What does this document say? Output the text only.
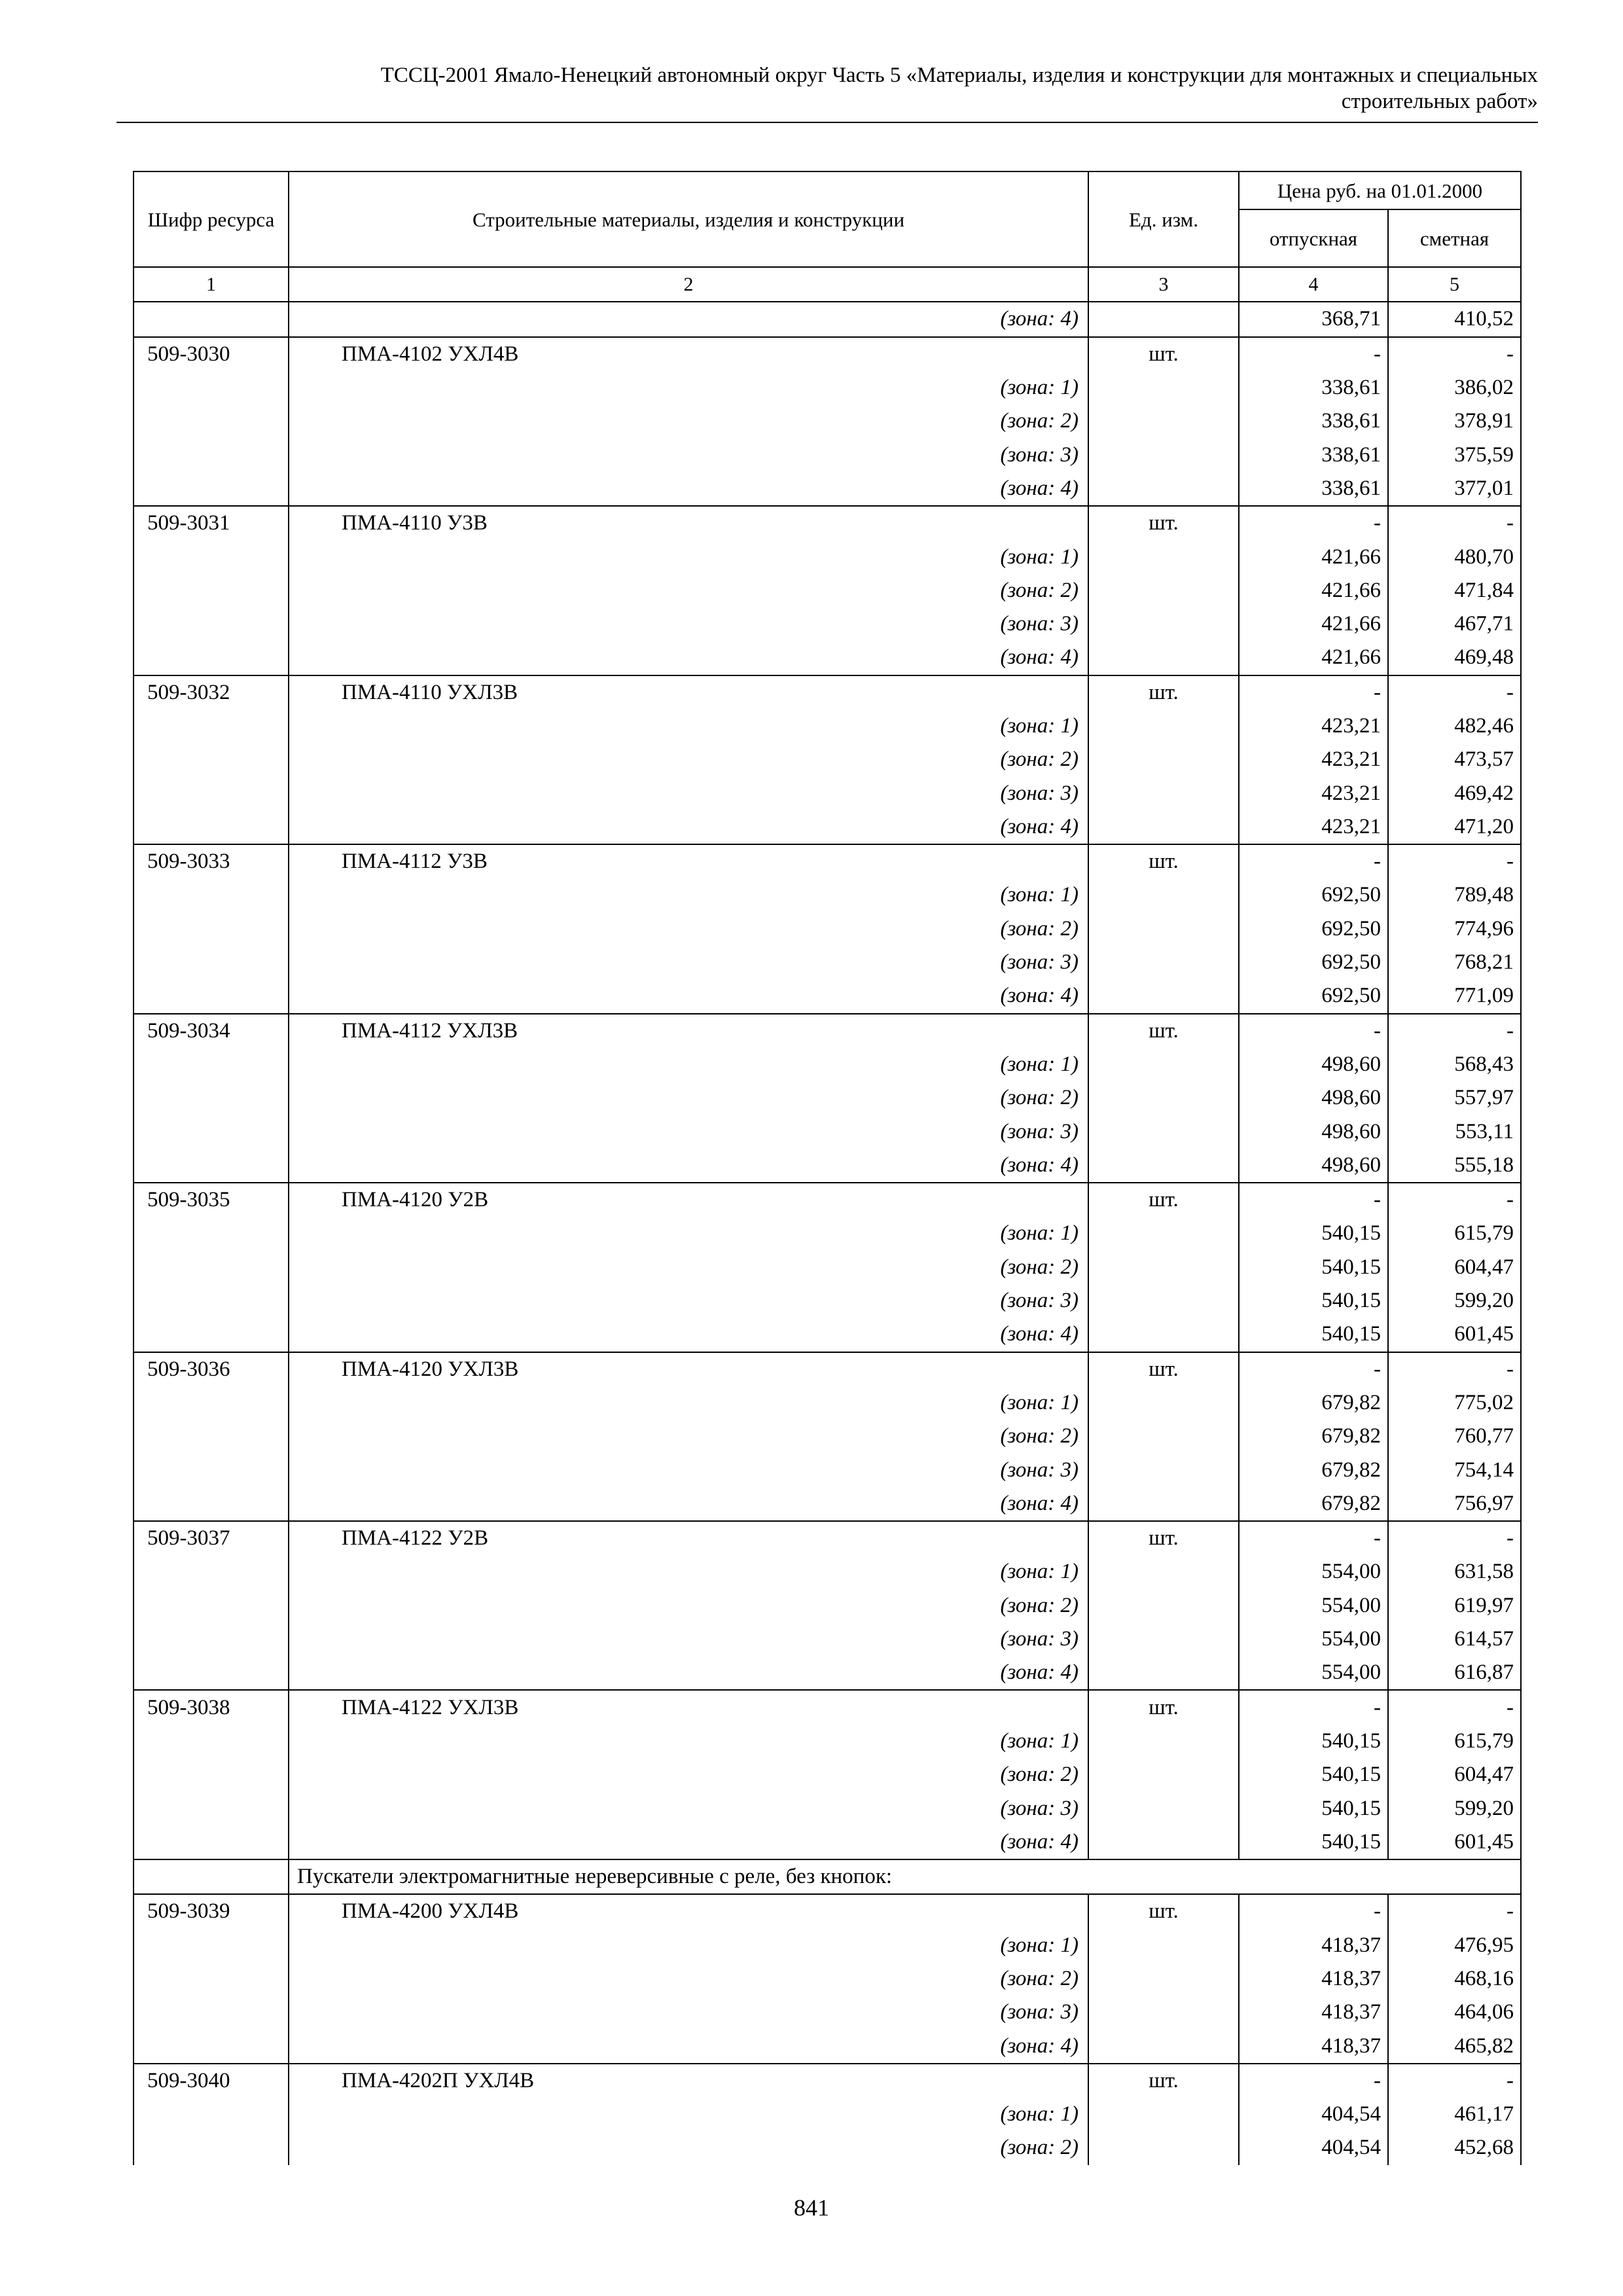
ТССЦ-2001 Ямало-Ненецкий автономный округ Часть 5 «Материалы, изделия и конструкции для монтажных и специальных
строительных работ»
Шифр ресурса	Строительные материалы, изделия и конструкции	Ед. изм.	Цена руб. на 01.01.2000	
			отпускная	сметная
1	2	3	4	5
	(зона: 4)		368,71	410,52
509-3030	ПМА-4102 УХЛ4В	шт.	-	-
	(зона: 1)		338,61	386,02
	(зона: 2)		338,61	378,91
	(зона: 3)		338,61	375,59
	(зона: 4)		338,61	377,01
509-3031	ПМА-4110 У3В	шт.	-	-
	(зона: 1)		421,66	480,70
	(зона: 2)		421,66	471,84
	(зона: 3)		421,66	467,71
	(зона: 4)		421,66	469,48
509-3032	ПМА-4110 УХЛ3В	шт.	-	-
	(зона: 1)		423,21	482,46
	(зона: 2)		423,21	473,57
	(зона: 3)		423,21	469,42
	(зона: 4)		423,21	471,20
509-3033	ПМА-4112 У3В	шт.	-	-
	(зона: 1)		692,50	789,48
	(зона: 2)		692,50	774,96
	(зона: 3)		692,50	768,21
	(зона: 4)		692,50	771,09
509-3034	ПМА-4112 УХЛ3В	шт.	-	-
	(зона: 1)		498,60	568,43
	(зона: 2)		498,60	557,97
	(зона: 3)		498,60	553,11
	(зона: 4)		498,60	555,18
509-3035	ПМА-4120 У2В	шт.	-	-
	(зона: 1)		540,15	615,79
	(зона: 2)		540,15	604,47
	(зона: 3)		540,15	599,20
	(зона: 4)		540,15	601,45
509-3036	ПМА-4120 УХЛ3В	шт.	-	-
	(зона: 1)		679,82	775,02
	(зона: 2)		679,82	760,77
	(зона: 3)		679,82	754,14
	(зона: 4)		679,82	756,97
509-3037	ПМА-4122 У2В	шт.	-	-
	(зона: 1)		554,00	631,58
	(зона: 2)		554,00	619,97
	(зона: 3)		554,00	614,57
	(зона: 4)		554,00	616,87
509-3038	ПМА-4122 УХЛ3В	шт.	-	-
	(зона: 1)		540,15	615,79
	(зона: 2)		540,15	604,47
	(зона: 3)		540,15	599,20
	(зона: 4)		540,15	601,45
	Пускатели электромагнитные нереверсивные с реле, без кнопок:			
509-3039	ПМА-4200 УХЛ4В	шт.	-	-
	(зона: 1)		418,37	476,95
	(зона: 2)		418,37	468,16
	(зона: 3)		418,37	464,06
	(зона: 4)		418,37	465,82
509-3040	ПМА-4202П УХЛ4В	шт.	-	-
	(зона: 1)		404,54	461,17
	(зона: 2)		404,54	452,68
841
